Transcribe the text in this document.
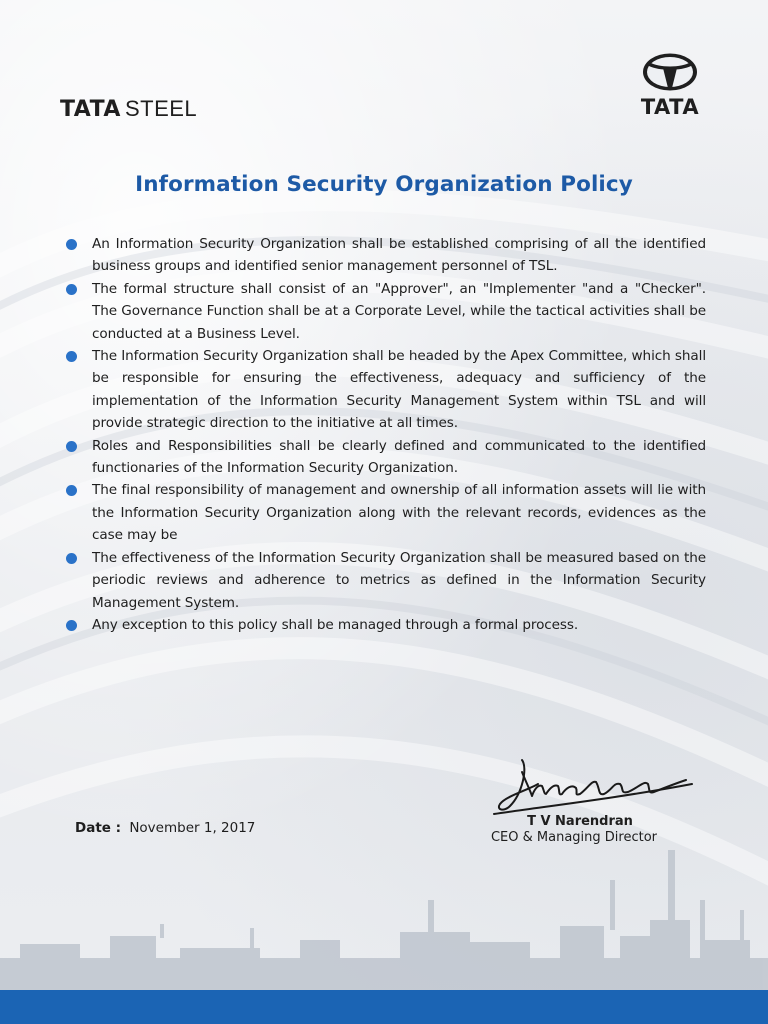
TATA STEEL	TATA
Information Security Organization Policy
An Information Security Organization shall be established comprising of all the identified business groups and identified senior management personnel of TSL.
The formal structure shall consist of an "Approver", an "Implementer "and a "Checker". The Governance Function shall be at a Corporate Level, while the tactical activities shall be conducted at a Business Level.
The Information Security Organization shall be headed by the Apex Committee, which shall be responsible for ensuring the effectiveness, adequacy and sufficiency of the implementation of the Information Security Management System within TSL and will provide strategic direction to the initiative at all times.
Roles and Responsibilities shall be clearly defined and communicated to the identified functionaries of the Information Security Organization.
The final responsibility of management and ownership of all information assets will lie with the Information Security Organization along with the relevant records, evidences as the case may be
The effectiveness of the Information Security Organization shall be measured based on the periodic reviews and adherence to metrics as defined in the Information Security Management System.
Any exception to this policy shall be managed through a formal process.
Date : November 1, 2017	T V Narendran
CEO & Managing Director
